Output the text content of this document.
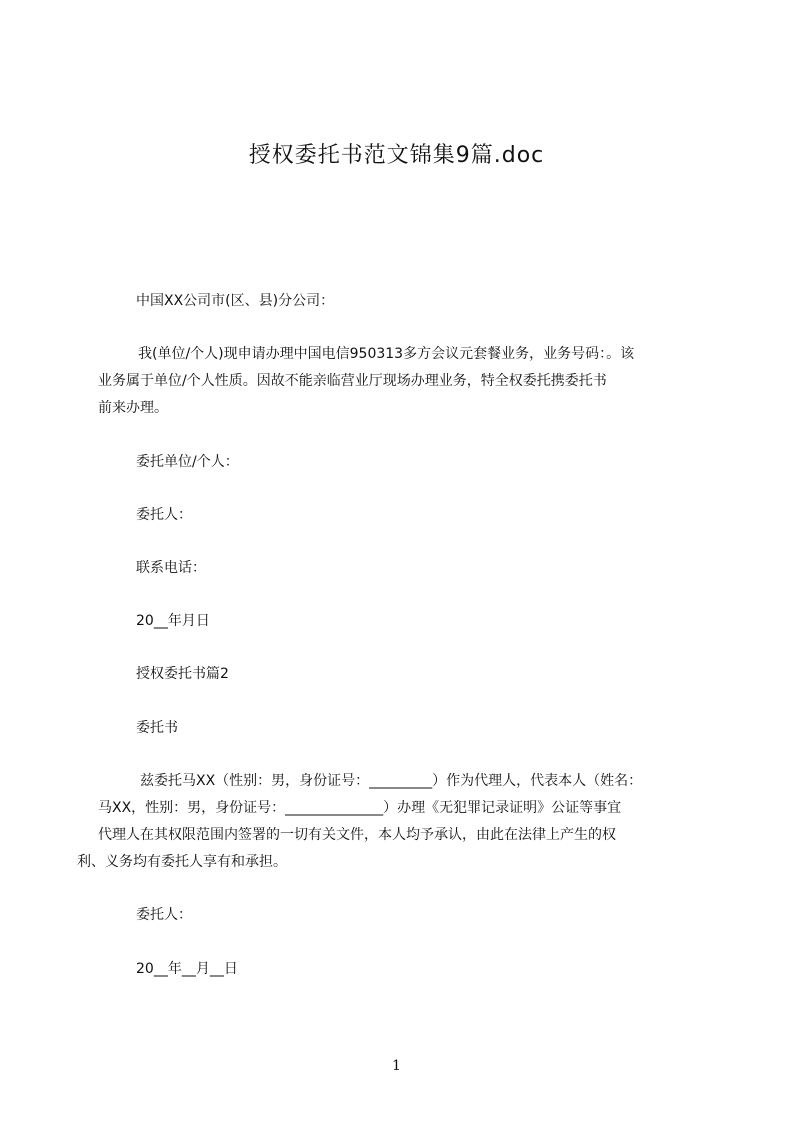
授权委托书范文锦集9篇.doc
中国XX公司市(区、县)分公司：
我(单位/个人)现申请办理中国电信950313多方会议元套餐业务，业务号码：。该
业务属于单位/个人性质。因故不能亲临营业厅现场办理业务，特全权委托携委托书
前来办理。
委托单位/个人：
委托人：
联系电话：
20__年月日
授权委托书篇2
委托书
兹委托马XX（性别：男，身份证号：_________）作为代理人，代表本人（姓名：
马XX，性别：男，身份证号：______________）办理《无犯罪记录证明》公证等事宜
代理人在其权限范围内签署的一切有关文件，本人均予承认，由此在法律上产生的权
利、义务均有委托人享有和承担。
委托人：
20__年__月__日
1
